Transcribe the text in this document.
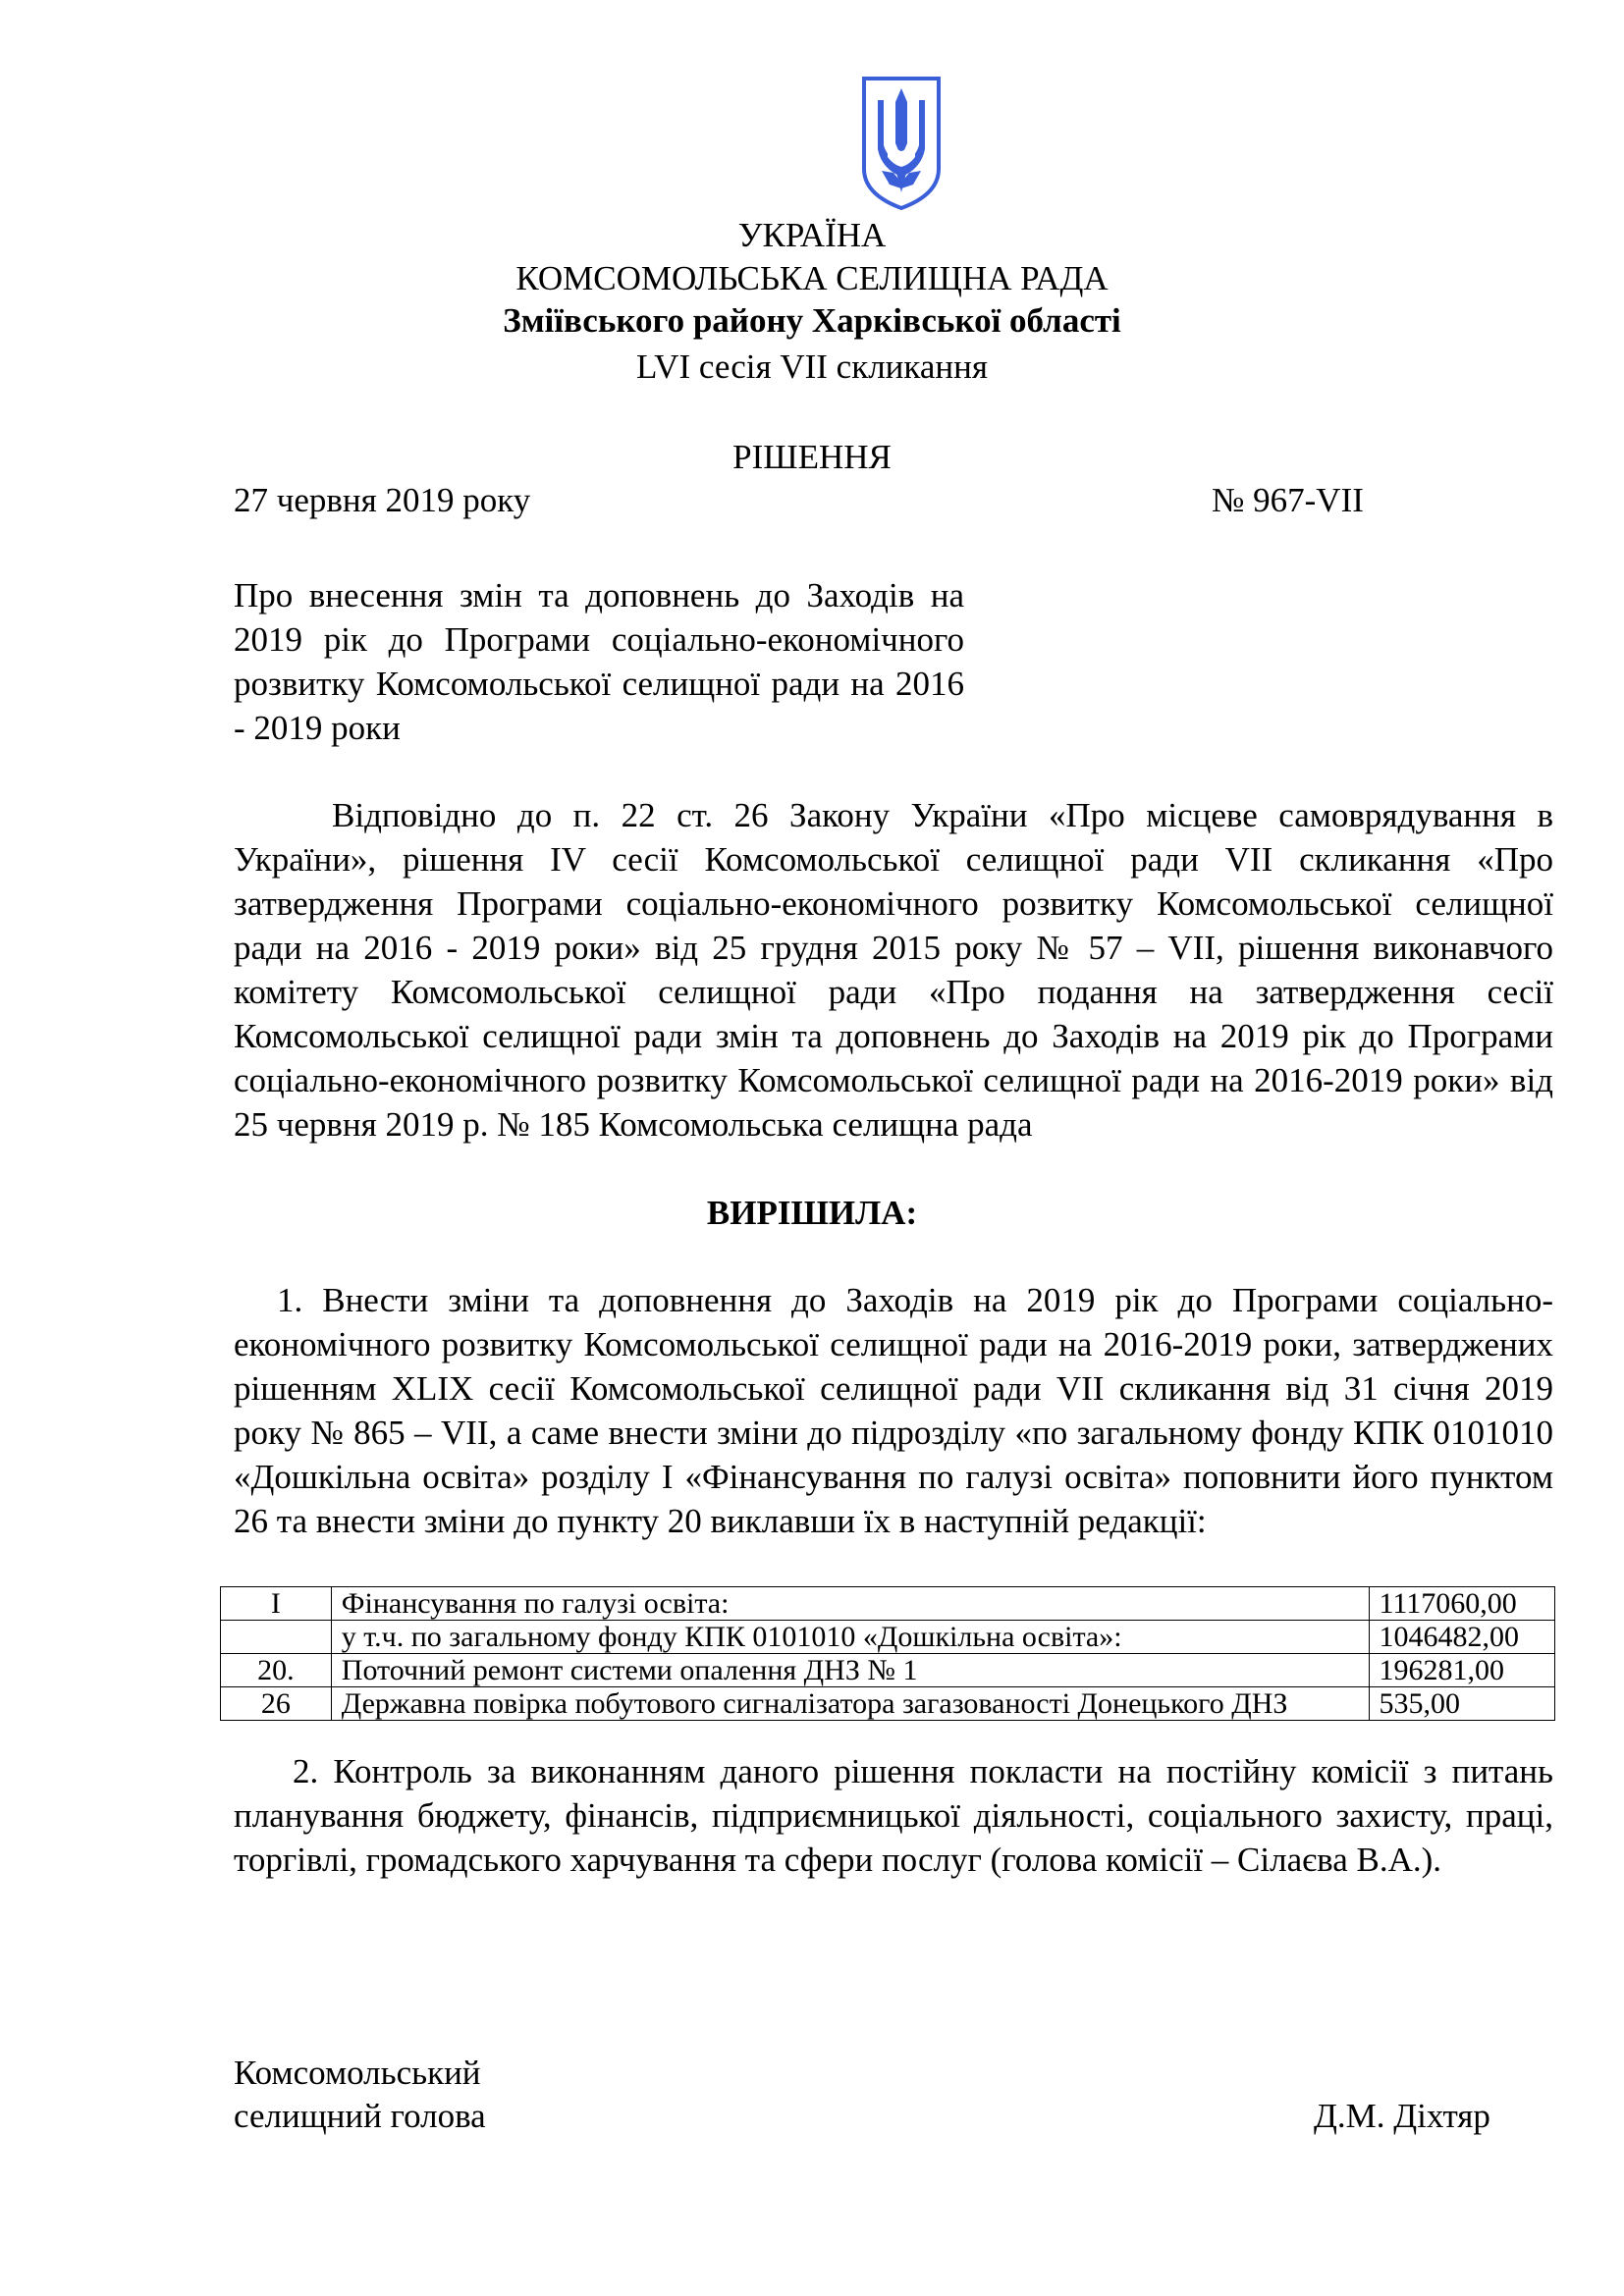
УКРАЇНА
КОМСОМОЛЬСЬКА СЕЛИЩНА РАДА
Зміївського району Харківської області
LVI сесія VII скликання
РІШЕННЯ
27 червня 2019 року	№ 967-VII
Про внесення змін та доповнень до Заходів на 2019 рік до Програми соціально-економічного розвитку Комсомольської селищної ради на 2016 - 2019 роки
Відповідно до п. 22 ст. 26 Закону України «Про місцеве самоврядування в України», рішення IV сесії Комсомольської селищної ради VII скликання «Про затвердження Програми соціально-економічного розвитку Комсомольської селищної ради на 2016 - 2019 роки» від 25 грудня 2015 року № 57 – VII, рішення виконавчого комітету Комсомольської селищної ради «Про подання на затвердження сесії Комсомольської селищної ради змін та доповнень до Заходів на 2019 рік до Програми соціально-економічного розвитку Комсомольської селищної ради на 2016-2019 роки» від 25 червня 2019 р. № 185 Комсомольська селищна рада
ВИРІШИЛА:
1. Внести зміни та доповнення до Заходів на 2019 рік до Програми соціально-економічного розвитку Комсомольської селищної ради на 2016-2019 роки, затверджених рішенням XLIX сесії Комсомольської селищної ради VII скликання від 31 січня 2019 року № 865 – VII, а саме внести зміни до підрозділу «по загальному фонду КПК 0101010 «Дошкільна освіта» розділу І «Фінансування по галузі освіта» поповнити його пунктом 26 та внести зміни до пункту 20 виклавши їх в наступній редакції:
І	Фінансування по галузі освіта:	1117060,00
	у т.ч. по загальному фонду КПК 0101010 «Дошкільна освіта»:	1046482,00
20.	Поточний ремонт системи опалення ДНЗ № 1	196281,00
26	Державна повірка побутового сигналізатора загазованості Донецького ДНЗ	535,00
2. Контроль за виконанням даного рішення покласти на постійну комісії з питань планування бюджету, фінансів, підприємницької діяльності, соціального захисту, праці, торгівлі, громадського харчування та сфери послуг (голова комісії – Сілаєва В.А.).
Комсомольський
селищний голова	Д.М. Діхтяр
